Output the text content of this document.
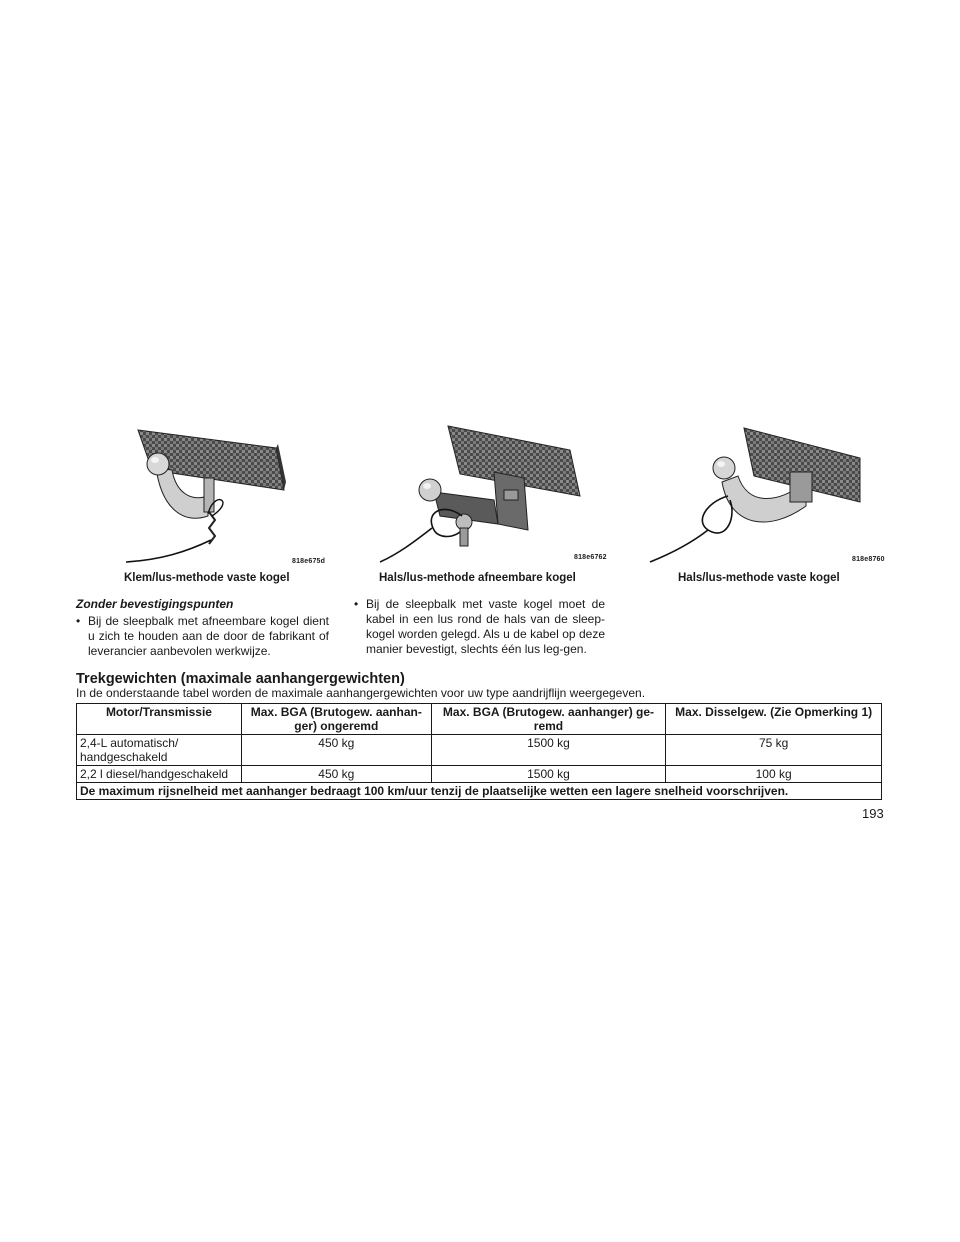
818e675d
Klem/lus-methode vaste kogel
818e6762
Hals/lus-methode afneembare kogel
818e8760
Hals/lus-methode vaste kogel
Zonder bevestigingspunten
• Bij de sleepbalk met afneembare kogel dient u zich te houden aan de door de fabrikant of leverancier aanbevolen werkwijze.
• Bij de sleepbalk met vaste kogel moet de kabel in een lus rond de hals van de sleep-kogel worden gelegd. Als u de kabel op deze manier bevestigt, slechts één lus leg-gen.
Trekgewichten (maximale aanhangergewichten)
In de onderstaande tabel worden de maximale aanhangergewichten voor uw type aandrijflijn weergegeven.
Motor/Transmissie	Max. BGA (Brutogew. aanhan-ger) ongeremd	Max. BGA (Brutogew. aanhanger) ge-remd	Max. Disselgew. (Zie Opmerking 1)
2,4-L automatisch/ handgeschakeld	450 kg	1500 kg	75 kg
2,2 l diesel/handgeschakeld	450 kg	1500 kg	100 kg
De maximum rijsnelheid met aanhanger bedraagt 100 km/uur tenzij de plaatselijke wetten een lagere snelheid voorschrijven.			
193
